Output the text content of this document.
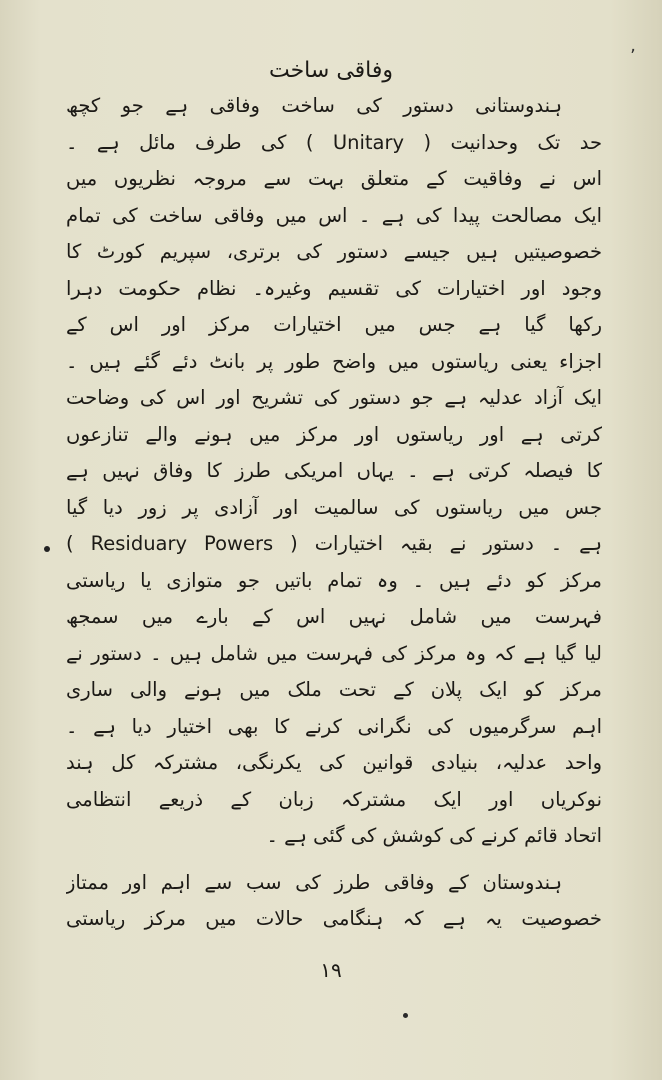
وفاقی ساخت
٬
ہندوستانی دستور کی ساخت وفاقی ہے جو کچھ
حد تک وحدانیت ( Unitary ) کی طرف مائل ہے ۔
اس نے وفاقیت کے متعلق بہت سے مروجہ نظریوں میں
ایک مصالحت پیدا کی ہے ۔ اس میں وفاقی ساخت کی تمام
خصوصیتیں ہیں جیسے دستور کی برتری، سپریم کورٹ کا
وجود اور اختیارات کی تقسیم وغیرہ۔ نظام حکومت دہرا
رکھا گیا ہے جس میں اختیارات مرکز اور اس کے
اجزاء یعنی ریاستوں میں واضح طور پر بانٹ دئے گئے ہیں ۔
ایک آزاد عدلیہ ہے جو دستور کی تشریح اور اس کی وضاحت
کرتی ہے اور ریاستوں اور مرکز میں ہونے والے تنازعوں
کا فیصلہ کرتی ہے ۔ یہاں امریکی طرز کا وفاق نہیں ہے
جس میں ریاستوں کی سالمیت اور آزادی پر زور دیا گیا
ہے ۔ دستور نے بقیہ اختیارات ( Residuary Powers )
مرکز کو دئے ہیں ۔ وہ تمام باتیں جو متوازی یا ریاستی
فہرست میں شامل نہیں اس کے بارے میں سمجھ
لیا گیا ہے کہ وہ مرکز کی فہرست میں شامل ہیں ۔ دستور نے
مرکز کو ایک پلان کے تحت ملک میں ہونے والی ساری
اہم سرگرمیوں کی نگرانی کرنے کا بھی اختیار دیا ہے ۔
واحد عدلیہ، بنیادی قوانین کی یکرنگی، مشترکہ کل ہند
نوکریاں اور ایک مشترکہ زبان کے ذریعے انتظامی
اتحاد قائم کرنے کی کوشش کی گئی ہے ۔
ہندوستان کے وفاقی طرز کی سب سے اہم اور ممتاز
خصوصیت یہ ہے کہ ہنگامی حالات میں مرکز ریاستی
١٩
